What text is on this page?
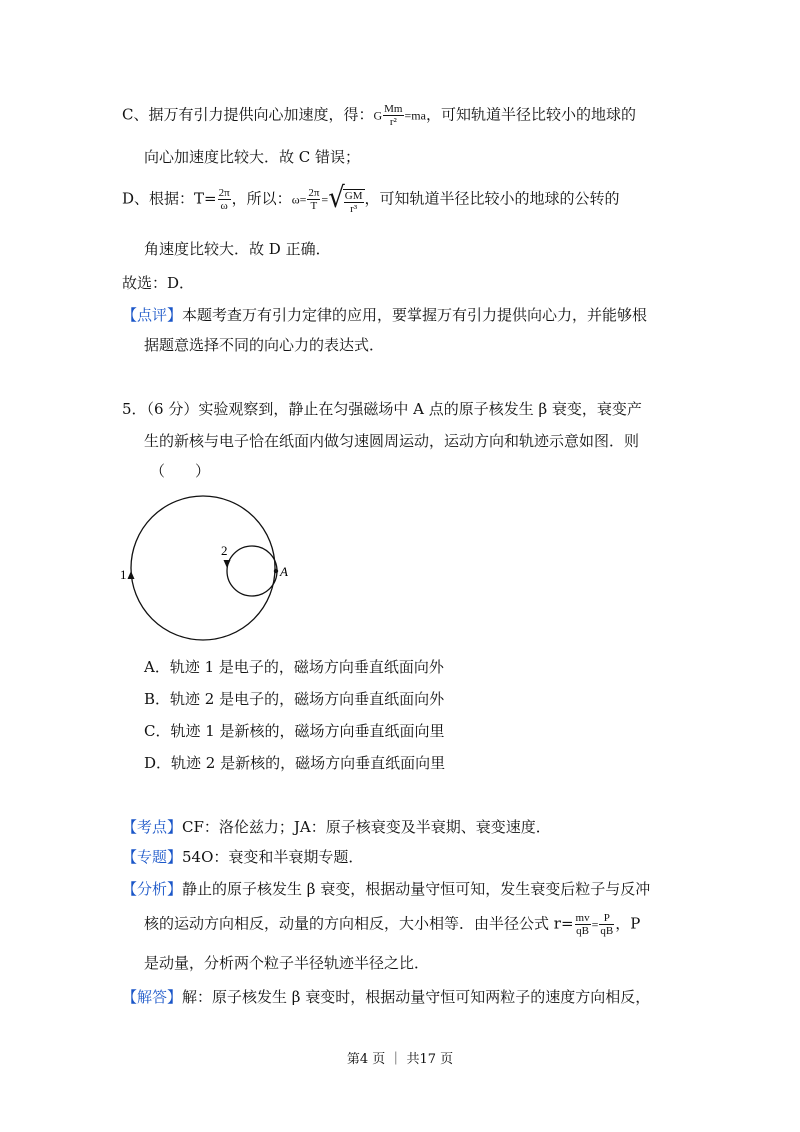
C、据万有引力提供向心加速度，得：G $\frac{Mm}{\text{r²}} =ma$，可知轨道半径比较小的地球的
向心加速度比较大．故 C 错误；
D、根据：$T= \frac{2\pi}{\omega}$ ，所以：$\omega= \frac{2\pi}{T}$ =√ $\frac{GM}{\text{r³}}$ ，可知轨道半径比较小的地球的公转的
角速度比较大．故 D 正确．
故选：D．
【点评】本题考查万有引力定律的应用，要掌握万有引力提供向心力，并能够根
据题意选择不同的向心力的表达式．
5．（6 分）实验观察到，静止在匀强磁场中 A 点的原子核发生 β 衰变，衰变产
生的新核与电子恰在纸面内做匀速圆周运动，运动方向和轨迹示意如图．则
（　　）
1
2
A
A．轨迹 1 是电子的，磁场方向垂直纸面向外
B．轨迹 2 是电子的，磁场方向垂直纸面向外
C．轨迹 1 是新核的，磁场方向垂直纸面向里
D．轨迹 2 是新核的，磁场方向垂直纸面向里
【考点】CF：洛伦兹力；JA：原子核衰变及半衰期、衰变速度．
【专题】54O：衰变和半衰期专题．
【分析】静止的原子核发生 β 衰变，根据动量守恒可知，发生衰变后粒子与反冲
核的运动方向相反，动量的方向相反，大小相等．由半径公式 $r= \frac{mv}{qB} = \frac{P}{qB}$ ，P
是动量，分析两个粒子半径轨迹半径之比．
【解答】解：原子核发生 β 衰变时，根据动量守恒可知两粒子的速度方向相反，
第4 页 ｜ 共17 页
